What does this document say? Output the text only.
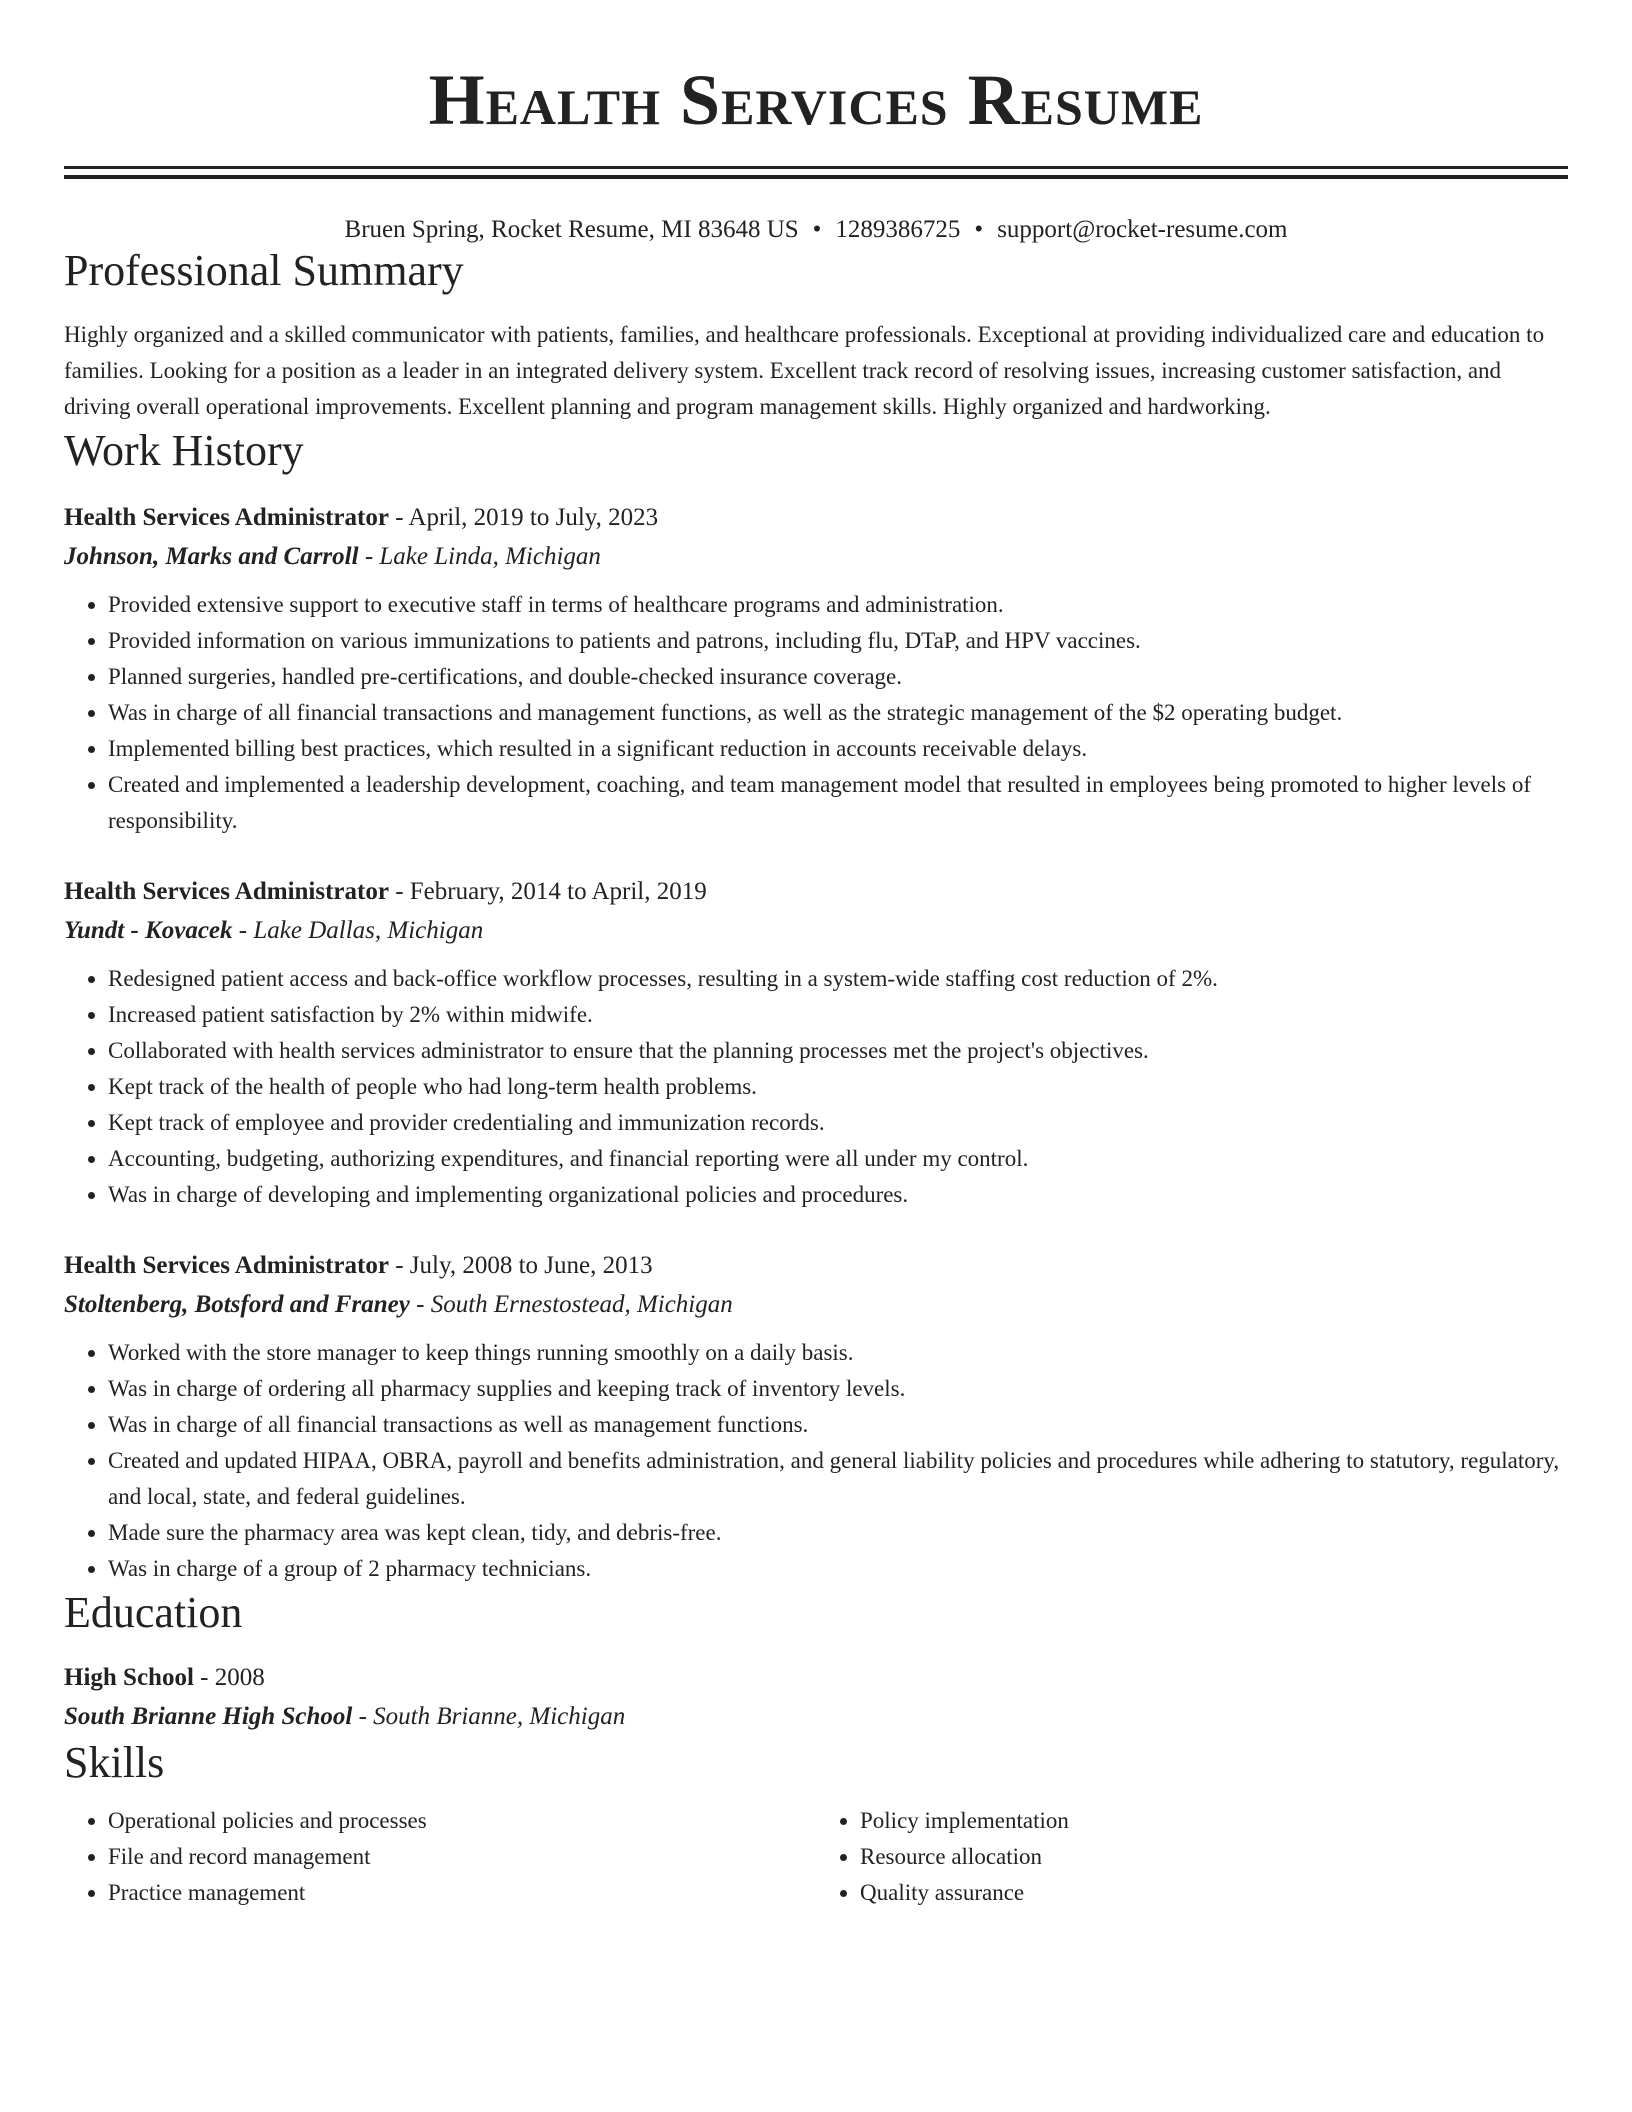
Health Services Resume
Bruen Spring, Rocket Resume, MI 83648 US • 1289386725 • support@rocket-resume.com
Professional Summary

Highly organized and a skilled communicator with patients, families, and healthcare professionals. Exceptional at providing individualized care and education to families. Looking for a position as a leader in an integrated delivery system. Excellent track record of resolving issues, increasing customer satisfaction, and driving overall operational improvements. Excellent planning and program management skills. Highly organized and hardworking.

Work History
Health Services Administrator - April, 2019 to July, 2023
Johnson, Marks and Carroll - Lake Linda, Michigan
• Provided extensive support to executive staff in terms of healthcare programs and administration.
• Provided information on various immunizations to patients and patrons, including flu, DTaP, and HPV vaccines.
• Planned surgeries, handled pre-certifications, and double-checked insurance coverage.
• Was in charge of all financial transactions and management functions, as well as the strategic management of the $2 operating budget.
• Implemented billing best practices, which resulted in a significant reduction in accounts receivable delays.
• Created and implemented a leadership development, coaching, and team management model that resulted in employees being promoted to higher levels of responsibility.
Health Services Administrator - February, 2014 to April, 2019
Yundt - Kovacek - Lake Dallas, Michigan
• Redesigned patient access and back-office workflow processes, resulting in a system-wide staffing cost reduction of 2%.
• Increased patient satisfaction by 2% within midwife.
• Collaborated with health services administrator to ensure that the planning processes met the project's objectives.
• Kept track of the health of people who had long-term health problems.
• Kept track of employee and provider credentialing and immunization records.
• Accounting, budgeting, authorizing expenditures, and financial reporting were all under my control.
• Was in charge of developing and implementing organizational policies and procedures.
Health Services Administrator - July, 2008 to June, 2013
Stoltenberg, Botsford and Franey - South Ernestostead, Michigan
• Worked with the store manager to keep things running smoothly on a daily basis.
• Was in charge of ordering all pharmacy supplies and keeping track of inventory levels.
• Was in charge of all financial transactions as well as management functions.
• Created and updated HIPAA, OBRA, payroll and benefits administration, and general liability policies and procedures while adhering to statutory, regulatory, and local, state, and federal guidelines.
• Made sure the pharmacy area was kept clean, tidy, and debris-free.
• Was in charge of a group of 2 pharmacy technicians.
Education
High School - 2008
South Brianne High School - South Brianne, Michigan
Skills
• Operational policies and processes
• File and record management
• Practice management
• Policy implementation
• Resource allocation
• Quality assurance
